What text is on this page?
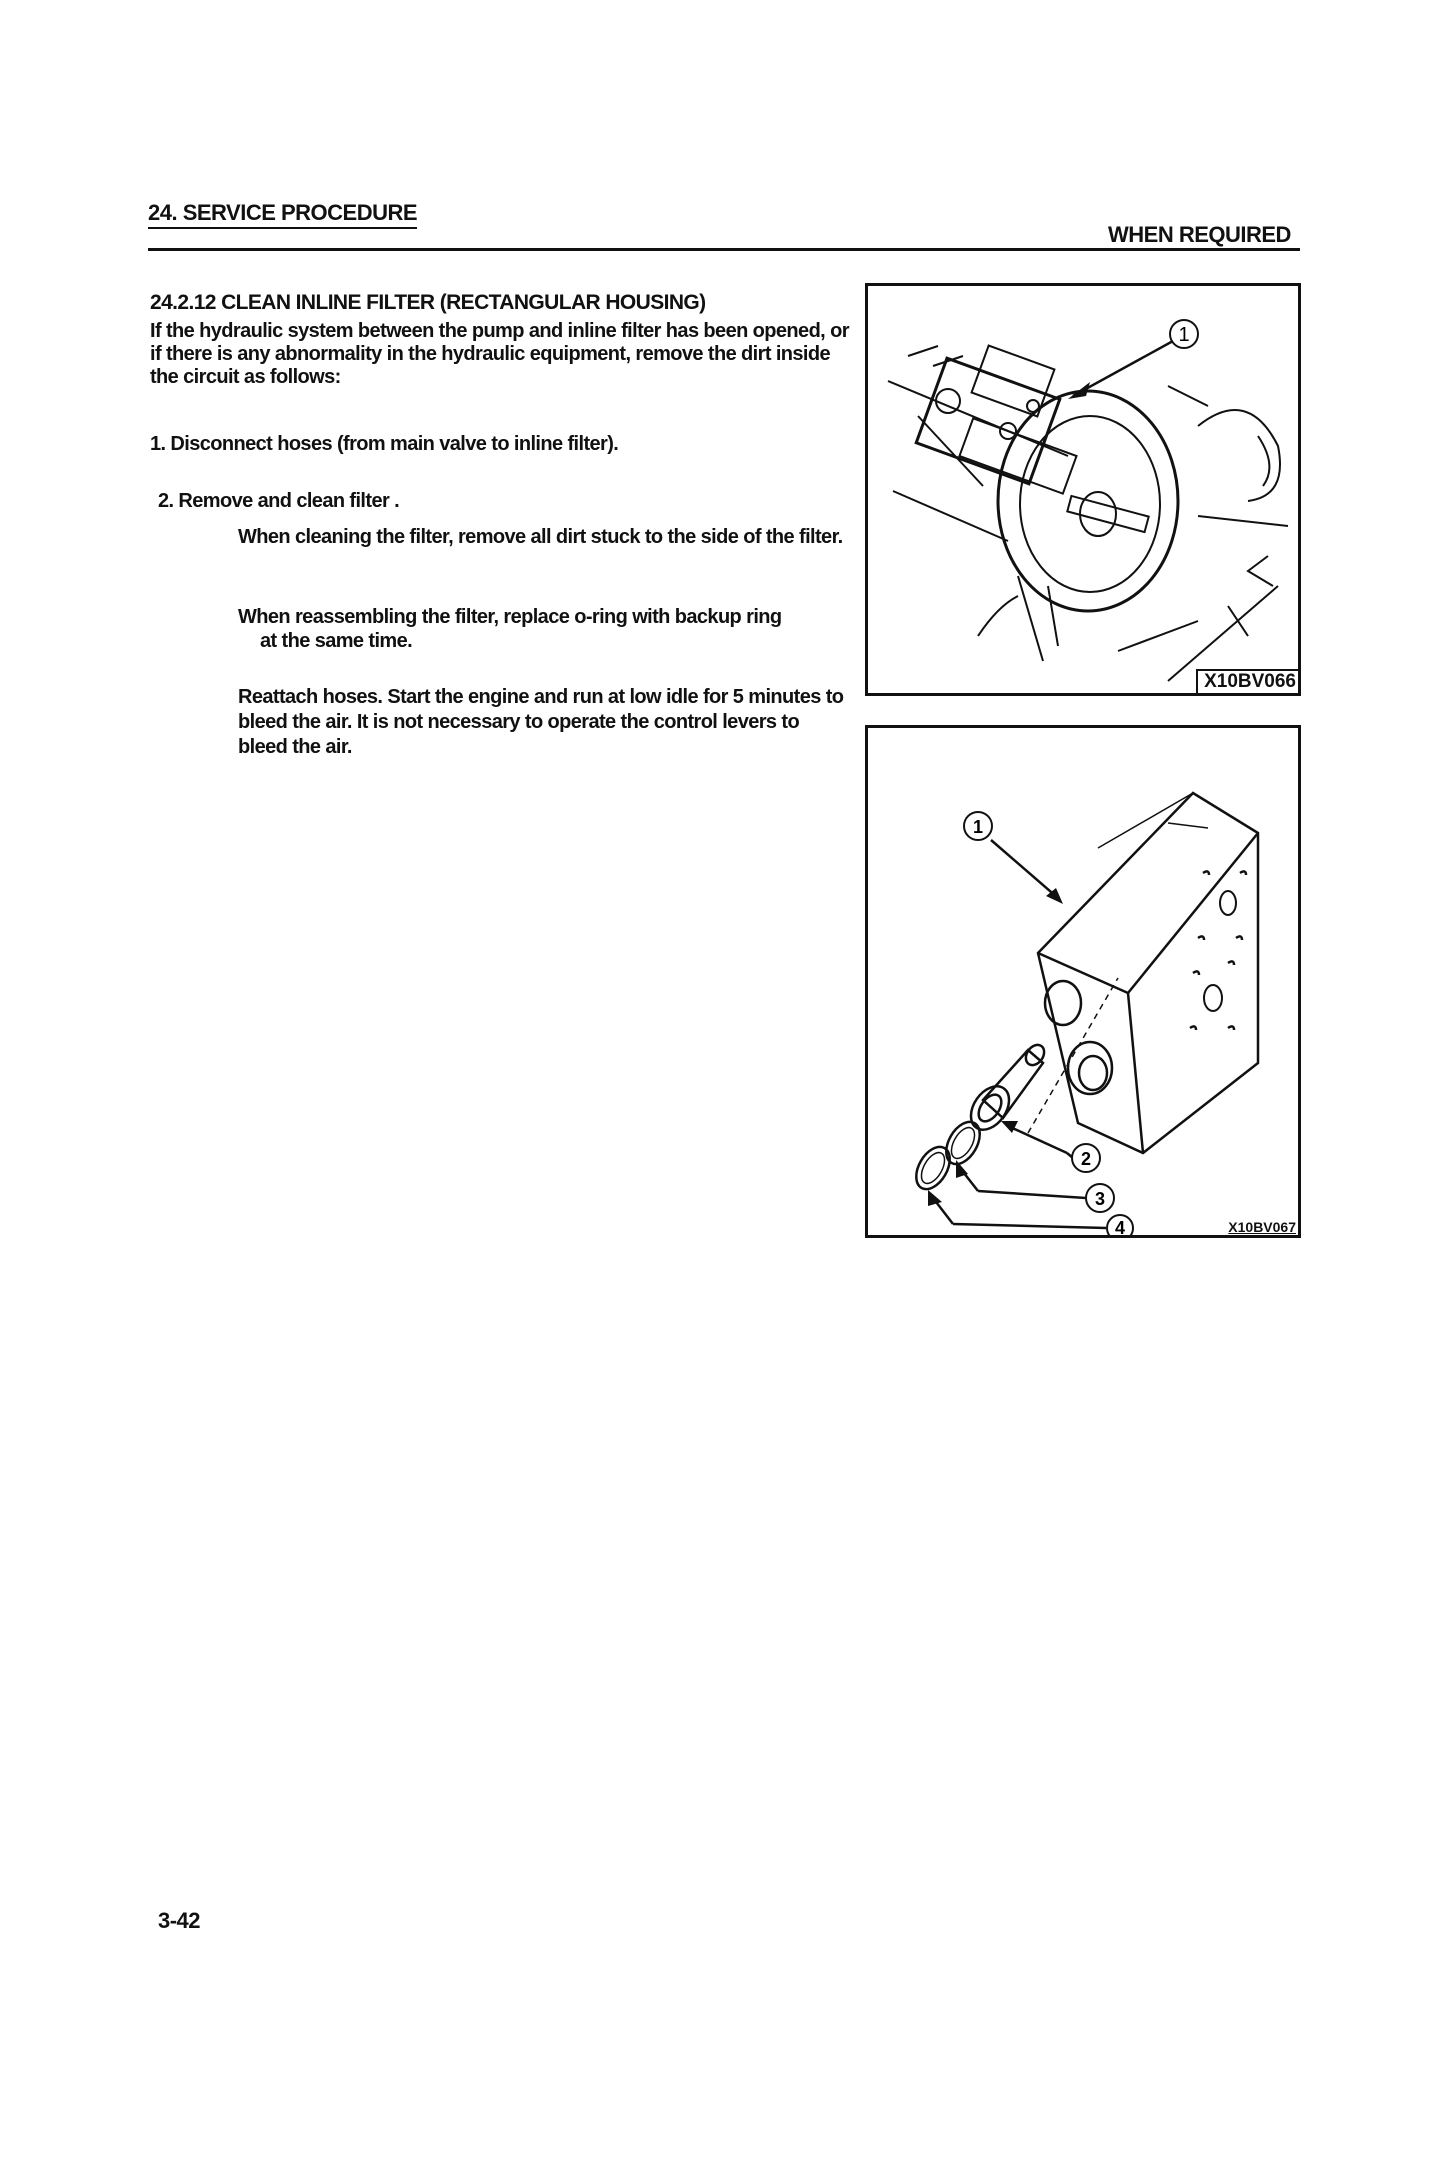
24. SERVICE PROCEDURE
WHEN REQUIRED
24.2.12 CLEAN INLINE FILTER (RECTANGULAR HOUSING)
If the hydraulic system between the pump and inline filter has been opened, or if there is any abnormality in the hydraulic equipment, remove the dirt inside the circuit as follows:
1. Disconnect hoses (from main valve to inline filter).
2. Remove and clean filter .
When cleaning the filter, remove all dirt stuck to the side of the filter.
When reassembling the filter, replace o-ring with backup ring
at the same time.
Reattach hoses. Start the engine and run at low idle for 5 minutes to bleed the air. It is not necessary to operate the control levers to bleed the air.
1
X10BV066
1
2
3
4	X10BV067
3-42
